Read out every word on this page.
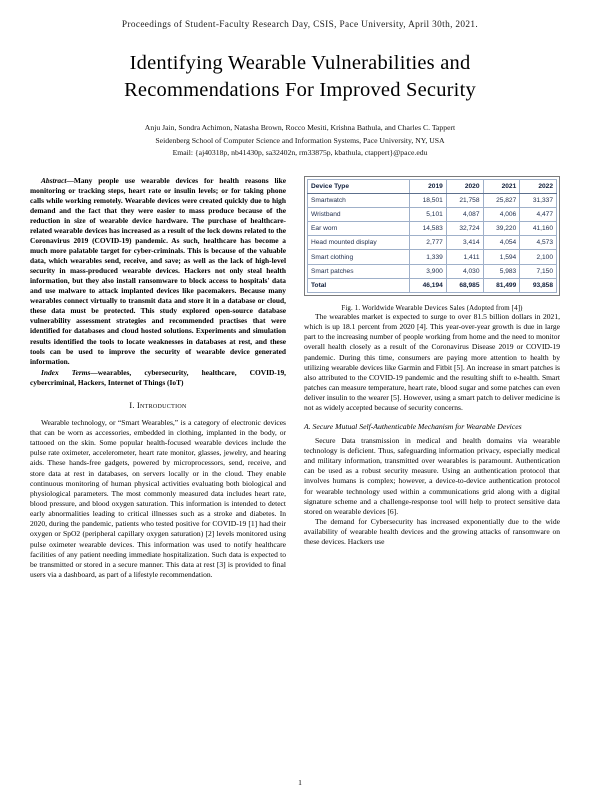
Proceedings of Student-Faculty Research Day, CSIS, Pace University, April 30th, 2021.
Identifying Wearable Vulnerabilities and
Recommendations For Improved Security
Anju Jain, Sondra Achimon, Natasha Brown, Rocco Mesiti, Krishna Bathula, and Charles C. Tappert
Seidenberg School of Computer Science and Information Systems, Pace University, NY, USA
Email: {aj40318p, nb41430p, sa32402n, rm33875p, kbathula, ctappert}@pace.edu

Abstract—Many people use wearable devices for health reasons like monitoring or tracking steps, heart rate or insulin levels; or for taking phone calls while working remotely. Wearable devices were created quickly due to high demand and the fact that they were easier to mass produce because of the reduction in size of wearable device hardware. The purchase of healthcare-related wearable devices has increased as a result of the lock downs related to the Coronavirus 2019 (COVID-19) pandemic. As such, healthcare has become a much more palatable target for cyber-criminals. This is because of the valuable data, which wearables send, receive, and save; as well as the lack of high-level security in mass-produced wearable devices. Hackers not only steal health information, but they also install ransomware to block access to hospitals' data and use malware to attack implanted devices like pacemakers. Because many wearables connect virtually to transmit data and store it in a database or cloud, these data must be protected. This study explored open-source database vulnerability assessment strategies and recommended practises that were identified for databases and cloud hosted solutions. Experiments and simulation results identified the tools to locate weaknesses in databases at rest, and these tools can be used to improve the security of wearable device generated information.

Index Terms—wearables, cybersecurity, healthcare, COVID-19, cybercriminal, Hackers, Internet of Things (IoT)

I. Introduction

Wearable technology, or “Smart Wearables,” is a category of electronic devices that can be worn as accessories, embedded in clothing, implanted in the body, or tattooed on the skin. Some popular health-focused wearable devices include the pulse rate oximeter, accelerometer, heart rate monitor, glasses, jewelry, and hearing aids. These hands-free gadgets, powered by microprocessors, send, receive, and store data at rest in databases, on servers locally or in the cloud. They enable continuous monitoring of human physical activities evaluating both biological and physiological parameters. The most commonly measured data includes heart rate, blood pressure, and blood oxygen saturation. This information is intended to detect early abnormalities leading to critical illnesses such as a stroke and diabetes. In 2020, during the pandemic, patients who tested positive for COVID-19 [1] had their oxygen or SpO2 (peripheral capillary oxygen saturation) [2] levels monitored using pulse oximeter wearable devices. This information was used to notify healthcare facilities of any patient needing immediate hospitalization. Such data is expected to be transmitted or stored in a secure manner. This data at rest [3] is provided to final users via a dashboard, as part of a lifestyle recommendation.

Device Type	2019	2020	2021	2022
Smartwatch	18,501	21,758	25,827	31,337
Wristband	5,101	4,087	4,006	4,477
Ear worn	14,583	32,724	39,220	41,160
Head mounted display	2,777	3,414	4,054	4,573
Smart clothing	1,339	1,411	1,594	2,100
Smart patches	3,900	4,030	5,983	7,150
Total	46,194	68,985	81,499	93,858
Fig. 1. Worldwide Wearable Devices Sales (Adopted from [4])

The wearables market is expected to surge to over 81.5 billion dollars in 2021, which is up 18.1 percent from 2020 [4]. This year-over-year growth is due in large part to the increasing number of people working from home and the need to monitor overall health closely as a result of the Coronavirus Disease 2019 or COVID-19 pandemic. During this time, consumers are paying more attention to health by utilizing wearable devices like Garmin and Fitbit [5]. An increase in smart patches is also attributed to the COVID-19 pandemic and the resulting shift to e-health. Smart patches can measure temperature, heart rate, blood sugar and some patches can even deliver insulin to the wearer [5]. However, using a smart patch to deliver medicine is not as widely accepted because of security concerns.

A. Secure Mutual Self-Authenticable Mechanism for Wearable Devices

Secure Data transmission in medical and health domains via wearable technology is deficient. Thus, safeguarding information privacy, especially medical and military information, transmitted over wearables is paramount. Authentication can be used as a robust security measure. Using an authentication protocol that involves humans is complex; however, a device-to-device authentication protocol for wearable technology used within a communications grid along with a digital signature scheme and a challenge-response tool will help to protect sensitive data stored on wearable devices [6].

The demand for Cybersecurity has increased exponentially due to the wide availability of wearable health devices and the growing attacks of ransomware on these devices. Hackers use

1
